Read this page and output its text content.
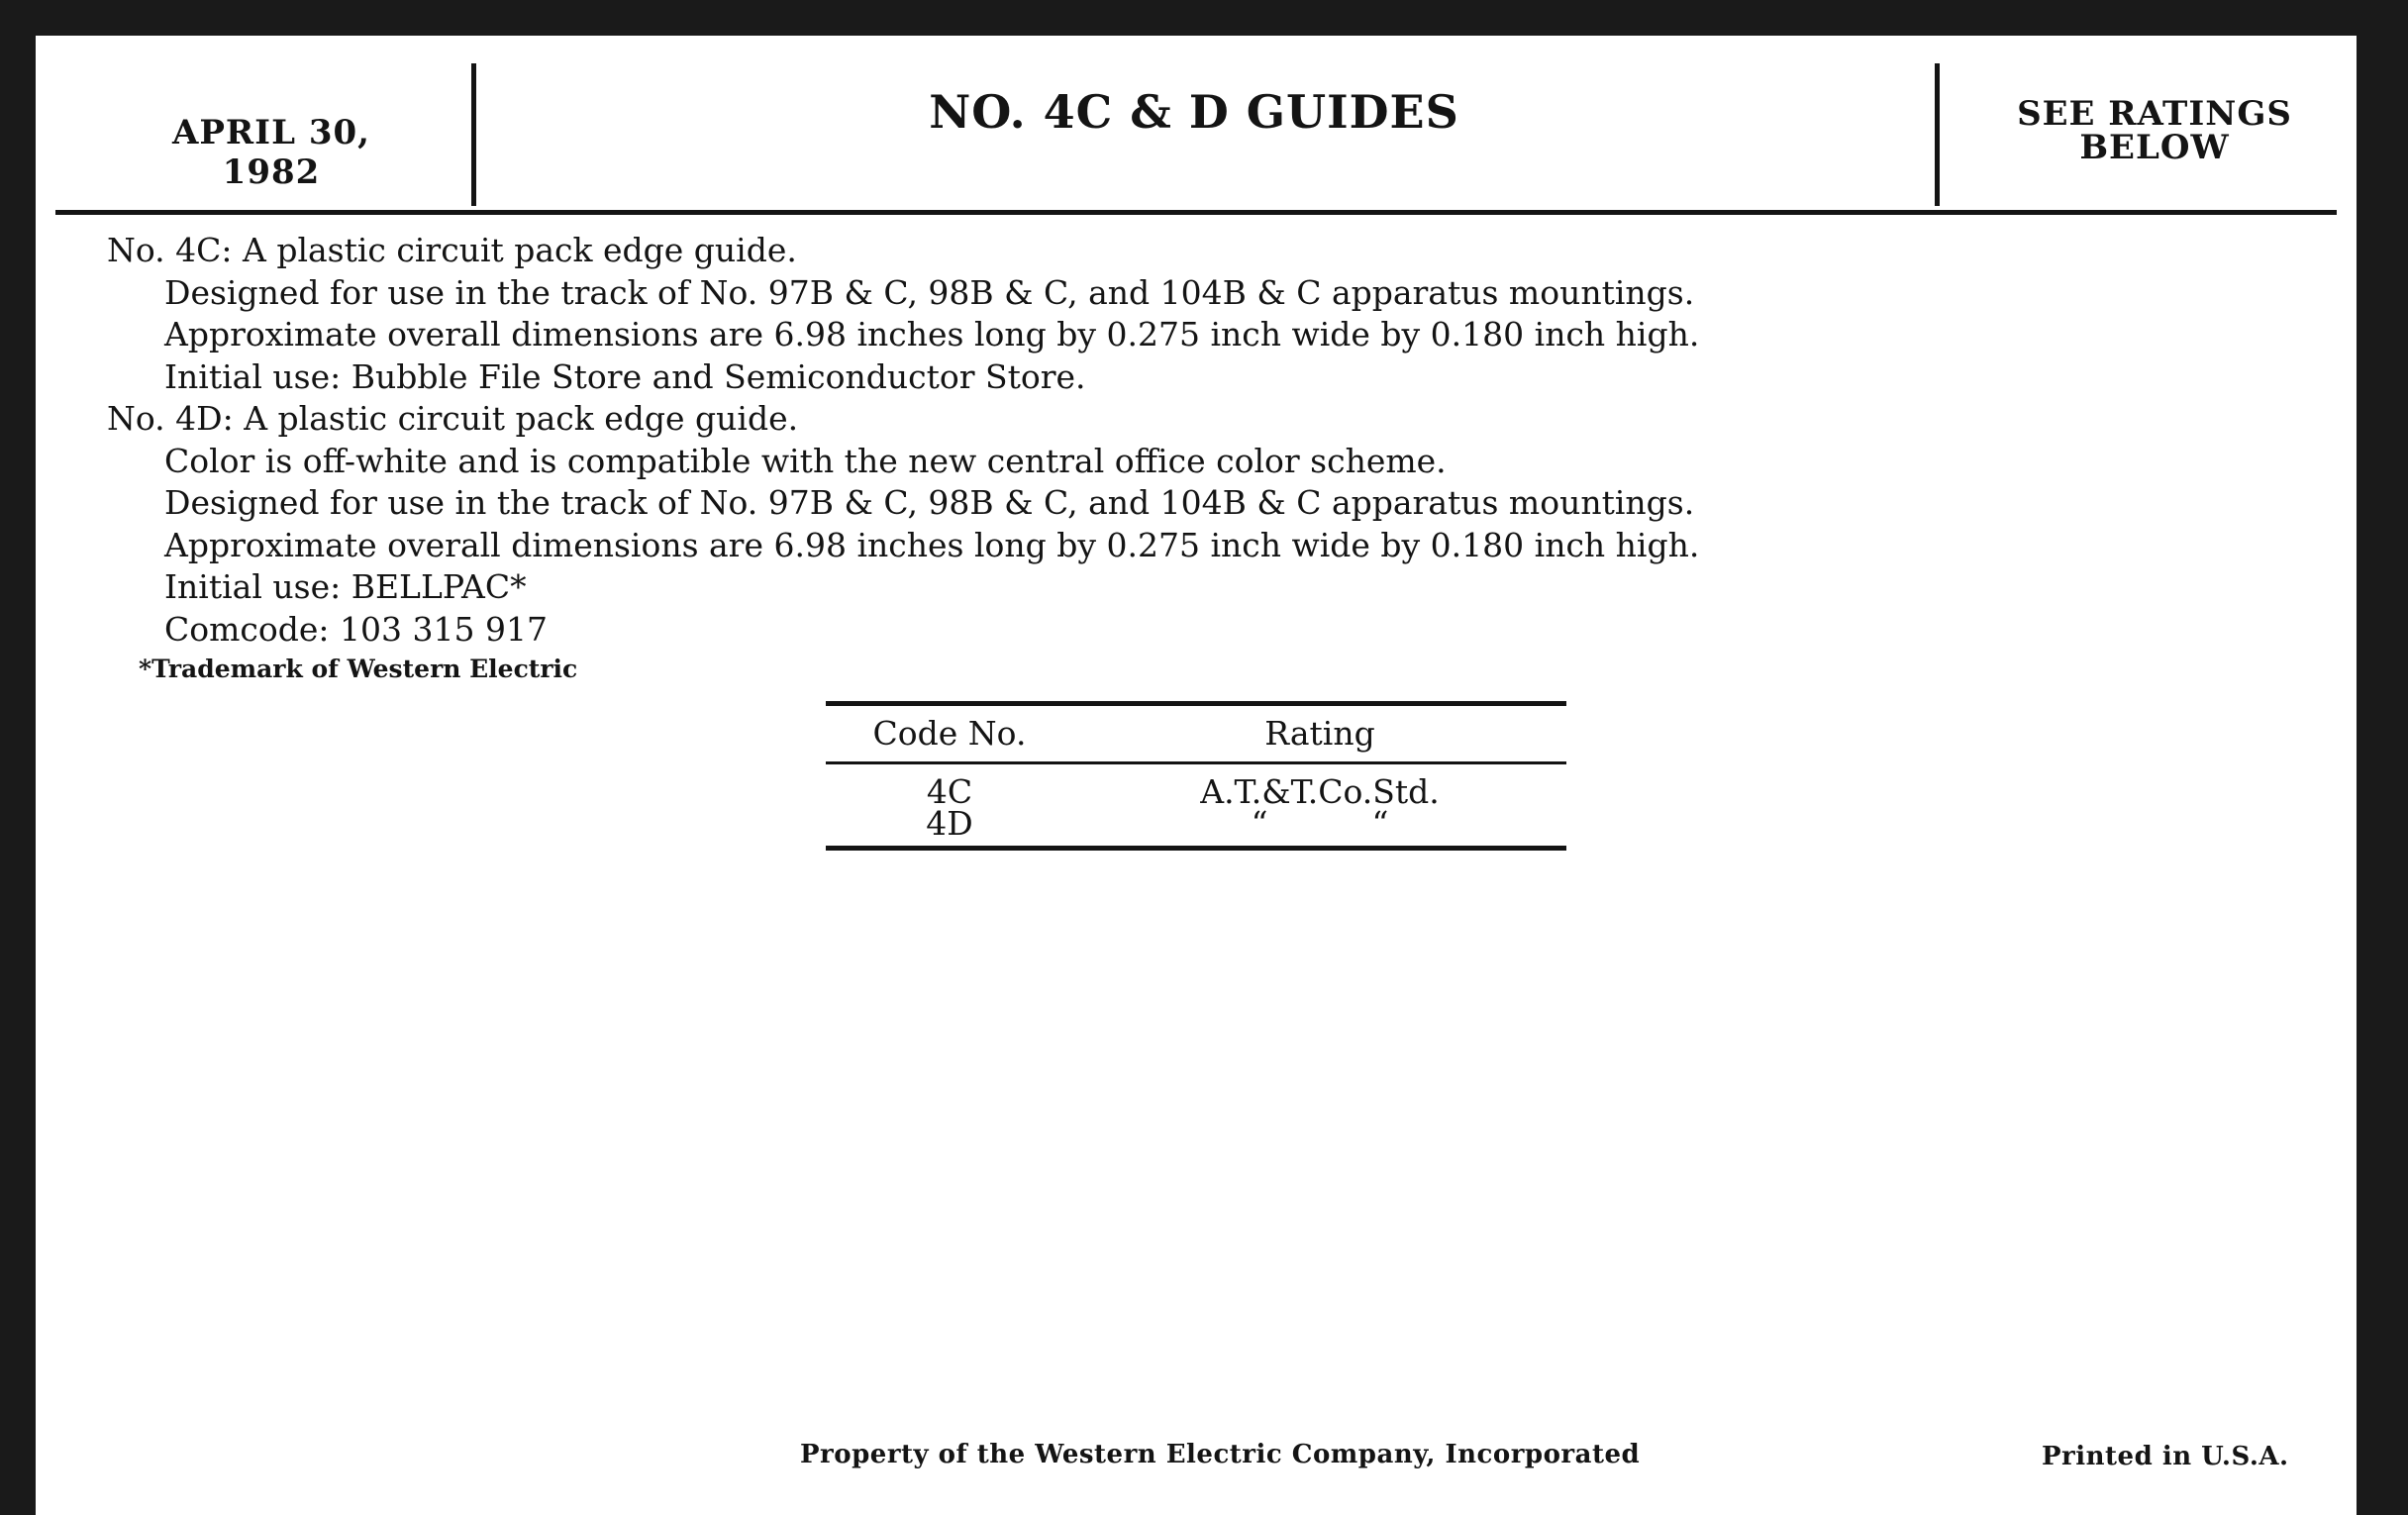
APRIL 30, 1982
NO. 4C & D GUIDES	SEE RATINGS
BELOW
No. 4C: A plastic circuit pack edge guide.
Designed for use in the track of No. 97B & C, 98B & C, and 104B & C apparatus mountings.
Approximate overall dimensions are 6.98 inches long by 0.275 inch wide by 0.180 inch high.
Initial use: Bubble File Store and Semiconductor Store.
No. 4D: A plastic circuit pack edge guide.
Color is off-white and is compatible with the new central office color scheme.
Designed for use in the track of No. 97B & C, 98B & C, and 104B & C apparatus mountings.
Approximate overall dimensions are 6.98 inches long by 0.275 inch wide by 0.180 inch high.
Initial use: BELLPAC*
Comcode: 103 315 917
*Trademark of Western Electric
Code No.	Rating
4C	A.T.&T.Co.Std.
4D	“          “
Property of the Western Electric Company, Incorporated	Printed in U.S.A.
